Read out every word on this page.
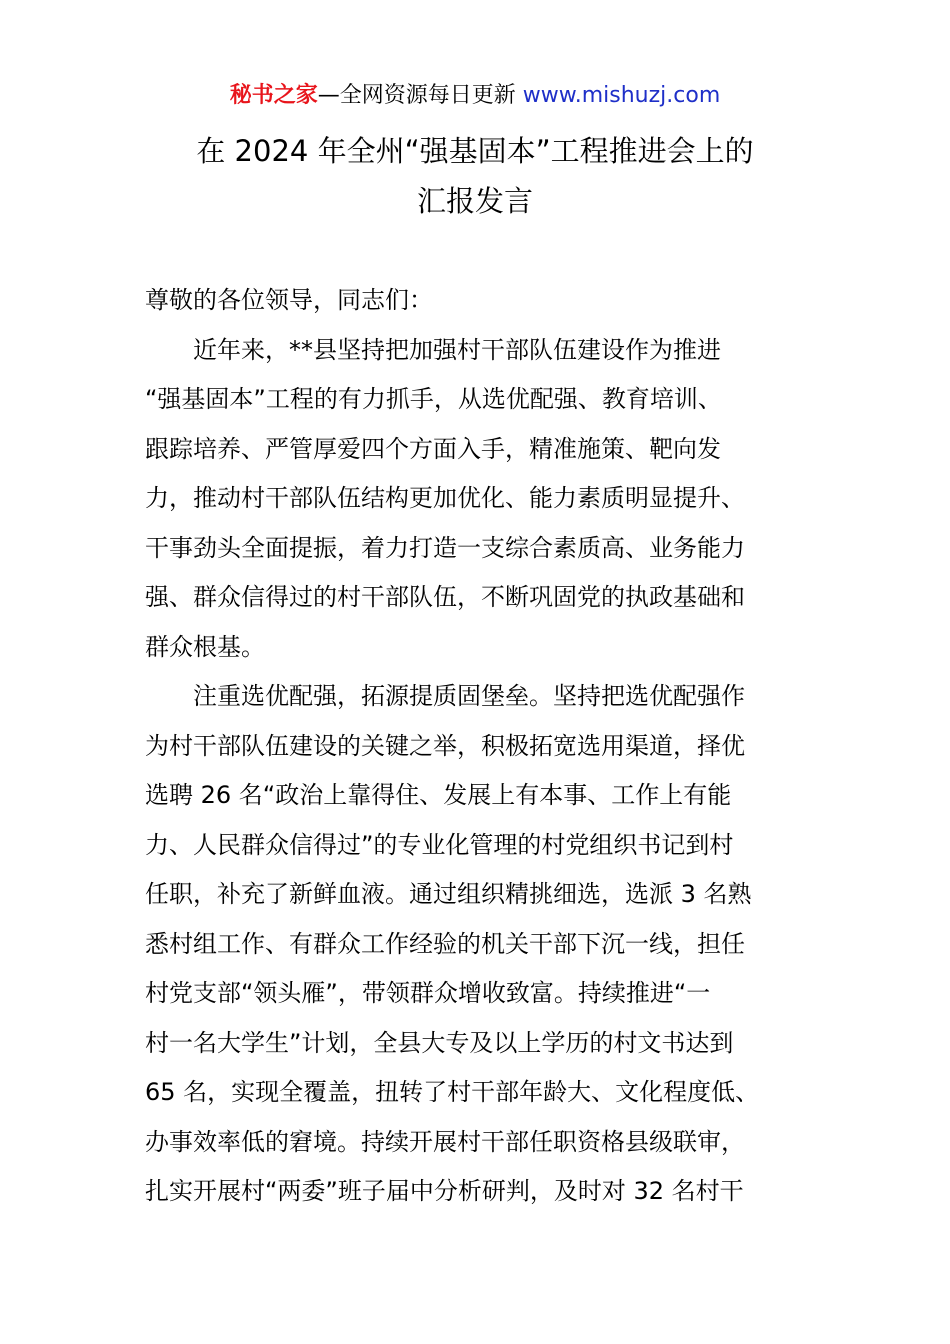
秘书之家—全网资源每日更新 www.mishuzj.com
在 2024 年全州“强基固本”工程推进会上的
汇报发言

尊敬的各位领导，同志们：

近年来，**县坚持把加强村干部队伍建设作为推进
“强基固本”工程的有力抓手，从选优配强、教育培训、
跟踪培养、严管厚爱四个方面入手，精准施策、靶向发
力，推动村干部队伍结构更加优化、能力素质明显提升、
干事劲头全面提振，着力打造一支综合素质高、业务能力
强、群众信得过的村干部队伍，不断巩固党的执政基础和
群众根基。

注重选优配强，拓源提质固堡垒。坚持把选优配强作
为村干部队伍建设的关键之举，积极拓宽选用渠道，择优
选聘 26 名“政治上靠得住、发展上有本事、工作上有能
力、人民群众信得过”的专业化管理的村党组织书记到村
任职，补充了新鲜血液。通过组织精挑细选，选派 3 名熟
悉村组工作、有群众工作经验的机关干部下沉一线，担任
村党支部“领头雁”，带领群众增收致富。持续推进“一
村一名大学生”计划，全县大专及以上学历的村文书达到
65 名，实现全覆盖，扭转了村干部年龄大、文化程度低、
办事效率低的窘境。持续开展村干部任职资格县级联审，
扎实开展村“两委”班子届中分析研判，及时对 32 名村干
